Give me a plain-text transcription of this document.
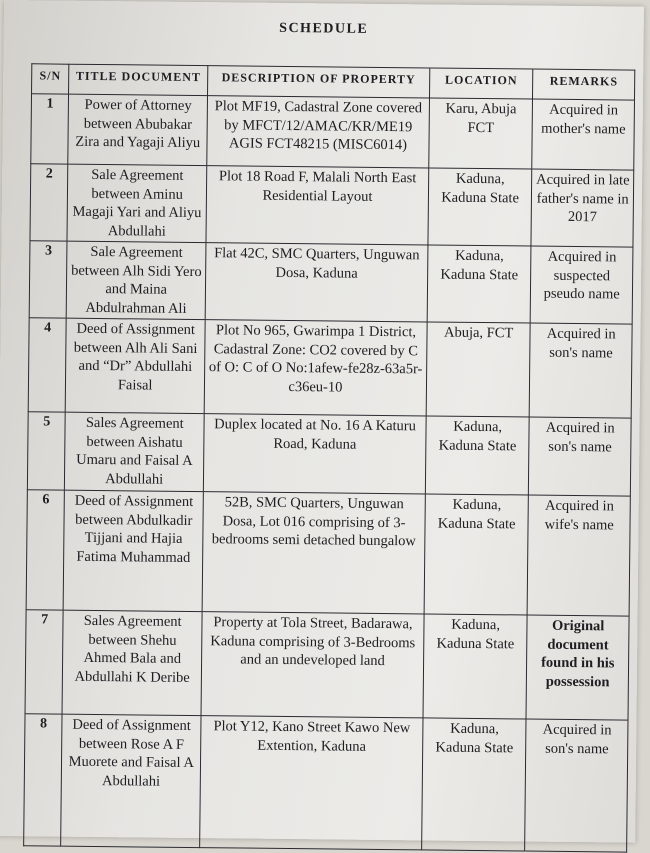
SCHEDULE
S/N	TITLE DOCUMENT	DESCRIPTION OF PROPERTY	LOCATION	REMARKS
1	Power of Attorney between Abubakar Zira and Yagaji Aliyu	Plot MF19, Cadastral Zone covered by MFCT/12/AMAC/KR/ME19 AGIS FCT48215 (MISC6014)	Karu, Abuja FCT	Acquired in mother's name
2	Sale Agreement between Aminu Magaji Yari and Aliyu Abdullahi	Plot 18 Road F, Malali North East Residential Layout	Kaduna, Kaduna State	Acquired in late father's name in 2017
3	Sale Agreement between Alh Sidi Yero and Maina Abdulrahman Ali	Flat 42C, SMC Quarters, Unguwan Dosa, Kaduna	Kaduna, Kaduna State	Acquired in suspected pseudo name
4	Deed of Assignment between Alh Ali Sani and “Dr” Abdullahi Faisal	Plot No 965, Gwarimpa 1 District, Cadastral Zone: CO2 covered by C of O: C of O No:1afew-fe28z-63a5r-c36eu-10	Abuja, FCT	Acquired in son's name
5	Sales Agreement between Aishatu Umaru and Faisal A Abdullahi	Duplex located at No. 16 A Katuru Road, Kaduna	Kaduna, Kaduna State	Acquired in son's name
6	Deed of Assignment between Abdulkadir Tijjani and Hajia Fatima Muhammad	52B, SMC Quarters, Unguwan Dosa, Lot 016 comprising of 3-bedrooms semi detached bungalow	Kaduna, Kaduna State	Acquired in wife's name
7	Sales Agreement between Shehu Ahmed Bala and Abdullahi K Deribe	Property at Tola Street, Badarawa, Kaduna comprising of 3-Bedrooms and an undeveloped land	Kaduna, Kaduna State	Original document found in his possession
8	Deed of Assignment between Rose A F Muorete and Faisal A Abdullahi	Plot Y12, Kano Street Kawo New Extention, Kaduna	Kaduna, Kaduna State	Acquired in son's name
